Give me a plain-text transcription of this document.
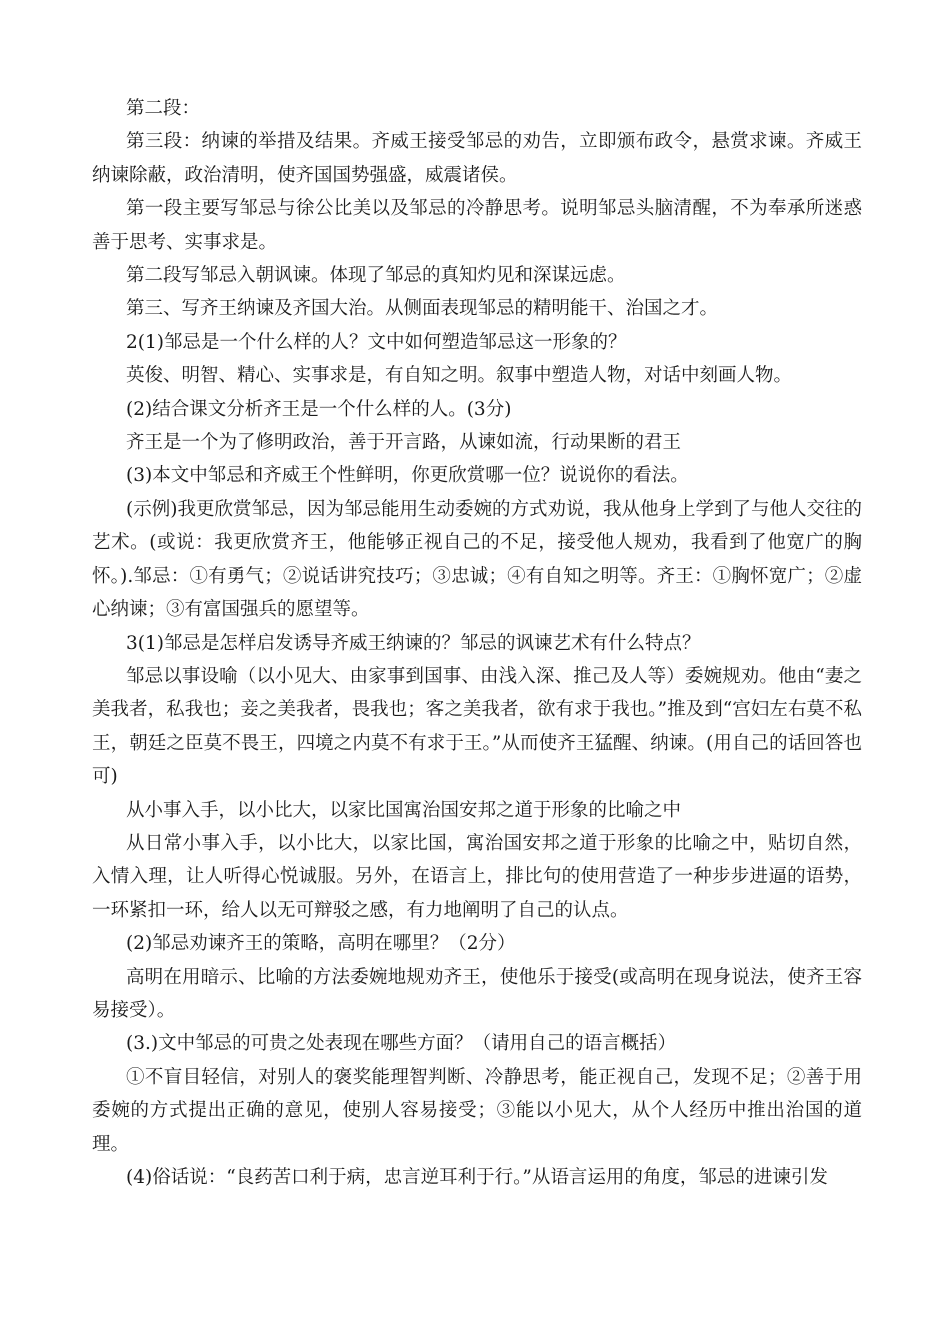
第二段：

第三段：纳谏的举措及结果。齐威王接受邹忌的劝告，立即颁布政令，悬赏求谏。齐威王纳谏除蔽，政治清明，使齐国国势强盛，威震诸侯。

第一段主要写邹忌与徐公比美以及邹忌的冷静思考。说明邹忌头脑清醒，不为奉承所迷惑善于思考、实事求是。

第二段写邹忌入朝讽谏。体现了邹忌的真知灼见和深谋远虑。

第三、写齐王纳谏及齐国大治。从侧面表现邹忌的精明能干、治国之才。

2(1)邹忌是一个什么样的人？文中如何塑造邹忌这一形象的？

英俊、明智、精心、实事求是，有自知之明。叙事中塑造人物，对话中刻画人物。

(2)结合课文分析齐王是一个什么样的人。(3分)

齐王是一个为了修明政治，善于开言路，从谏如流，行动果断的君王

(3)本文中邹忌和齐威王个性鲜明，你更欣赏哪一位？说说你的看法。

(示例)我更欣赏邹忌，因为邹忌能用生动委婉的方式劝说，我从他身上学到了与他人交往的艺术。(或说：我更欣赏齐王，他能够正视自己的不足，接受他人规劝，我看到了他宽广的胸怀。).邹忌：①有勇气；②说话讲究技巧；③忠诚；④有自知之明等。齐王：①胸怀宽广；②虚心纳谏；③有富国强兵的愿望等。

3(1)邹忌是怎样启发诱导齐威王纳谏的？邹忌的讽谏艺术有什么特点？

邹忌以事设喻（以小见大、由家事到国事、由浅入深、推己及人等）委婉规劝。他由“妻之美我者，私我也；妾之美我者，畏我也；客之美我者，欲有求于我也。”推及到“宫妇左右莫不私王，朝廷之臣莫不畏王，四境之内莫不有求于王。”从而使齐王猛醒、纳谏。(用自己的话回答也可)

从小事入手，以小比大，以家比国寓治国安邦之道于形象的比喻之中

从日常小事入手，以小比大，以家比国，寓治国安邦之道于形象的比喻之中，贴切自然，入情入理，让人听得心悦诚服。另外，在语言上，排比句的使用营造了一种步步进逼的语势，一环紧扣一环，给人以无可辩驳之感，有力地阐明了自己的认点。

(2)邹忌劝谏齐王的策略，高明在哪里？（2分）

高明在用暗示、比喻的方法委婉地规劝齐王，使他乐于接受(或高明在现身说法，使齐王容易接受）。

(3.)文中邹忌的可贵之处表现在哪些方面？（请用自己的语言概括）

①不盲目轻信，对别人的褒奖能理智判断、冷静思考，能正视自己，发现不足；②善于用委婉的方式提出正确的意见，使别人容易接受；③能以小见大，从个人经历中推出治国的道理。

(4)俗话说：“良药苦口利于病，忠言逆耳利于行。”从语言运用的角度，邹忌的进谏引发
